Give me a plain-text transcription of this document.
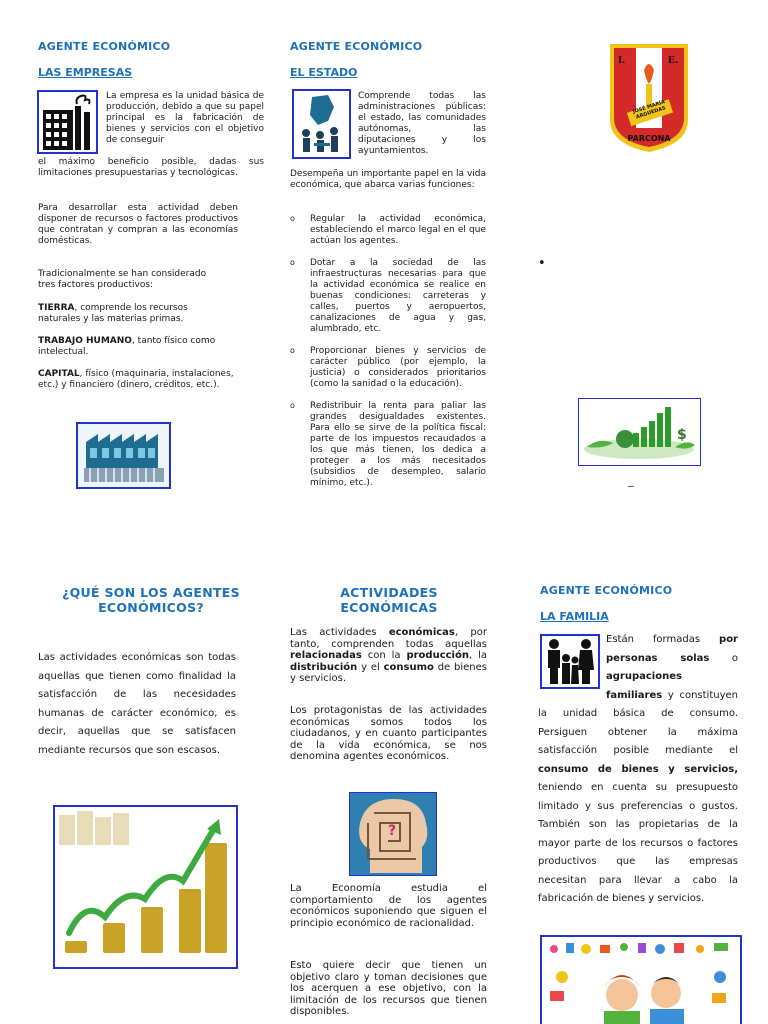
AGENTE ECONÓMICO
LAS EMPRESAS
La empresa es la unidad básica de producción, debido a que su papel principal es la fabricación de bienes y servicios con el objetivo de conseguir
el máximo beneficio posible, dadas sus limitaciones presupuestarias y tecnológicas.
Para desarrollar esta actividad deben disponer de recursos o factores productivos que contratan y compran a las economías domésticas.
Tradicionalmente se han considerado tres factores productivos:
TIERRA, comprende los recursos naturales y las materias primas.
TRABAJO HUMANO, tanto físico como intelectual.
CAPITAL, físico (maquinaria, instalaciones, etc.) y financiero (dinero, créditos, etc.).
AGENTE ECONÓMICO
EL ESTADO
Comprende todas las administraciones públicas: el estado, las comunidades autónomas, las diputaciones y los ayuntamientos.
Desempeña un importante papel en la vida económica, que abarca varias funciones:
o Regular la actividad económica, estableciendo el marco legal en el que actúan los agentes.
o Dotar a la sociedad de las infraestructuras necesarias para que la actividad económica se realice en buenas condiciones: carreteras y calles, puertos y aeropuertos, canalizaciones de agua y gas, alumbrado, etc.
o Proporcionar bienes y servicios de carácter público (por ejemplo, la justicia) o considerados prioritarios (como la sanidad o la educación).
o Redistribuir la renta para paliar las grandes desigualdades existentes. Para ello se sirve de la política fiscal: parte de los impuestos recaudados a los que más tienen, los dedica a proteger a los más necesitados (subsidios de desempleo, salario mínimo, etc.).
I.	E.
JOSÉ MARÍA ARGUEDAS
PARCONA
•
$
_
¿QUÉ SON LOS AGENTES ECONÓMICOS?
Las actividades económicas son todas aquellas que tienen como finalidad la satisfacción de las necesidades humanas de carácter económico, es decir, aquellas que se satisfacen mediante recursos que son escasos.
ACTIVIDADES ECONÓMICAS
Las actividades económicas, por tanto, comprenden todas aquellas relacionadas con la producción, la distribución y el consumo de bienes y servicios.
Los protagonistas de las actividades económicas somos todos los ciudadanos, y en cuanto participantes de la vida económica, se nos denomina agentes económicos.
?
La Economía estudia el comportamiento de los agentes económicos suponiendo que siguen el principio económico de racionalidad.
Esto quiere decir que tienen un objetivo claro y toman decisiones que los acerquen a ese objetivo, con la limitación de los recursos que tienen disponibles.
AGENTE ECONÓMICO
LA FAMILIA
Están formadas por personas solas o agrupaciones familiares y constituyen la unidad básica de consumo. Persiguen obtener la máxima satisfacción posible mediante el consumo de bienes y servicios, teniendo en cuenta su presupuesto limitado y sus preferencias o gustos. También son las propietarias de la mayor parte de los recursos o factores productivos que las empresas necesitan para llevar a cabo la fabricación de bienes y servicios.
